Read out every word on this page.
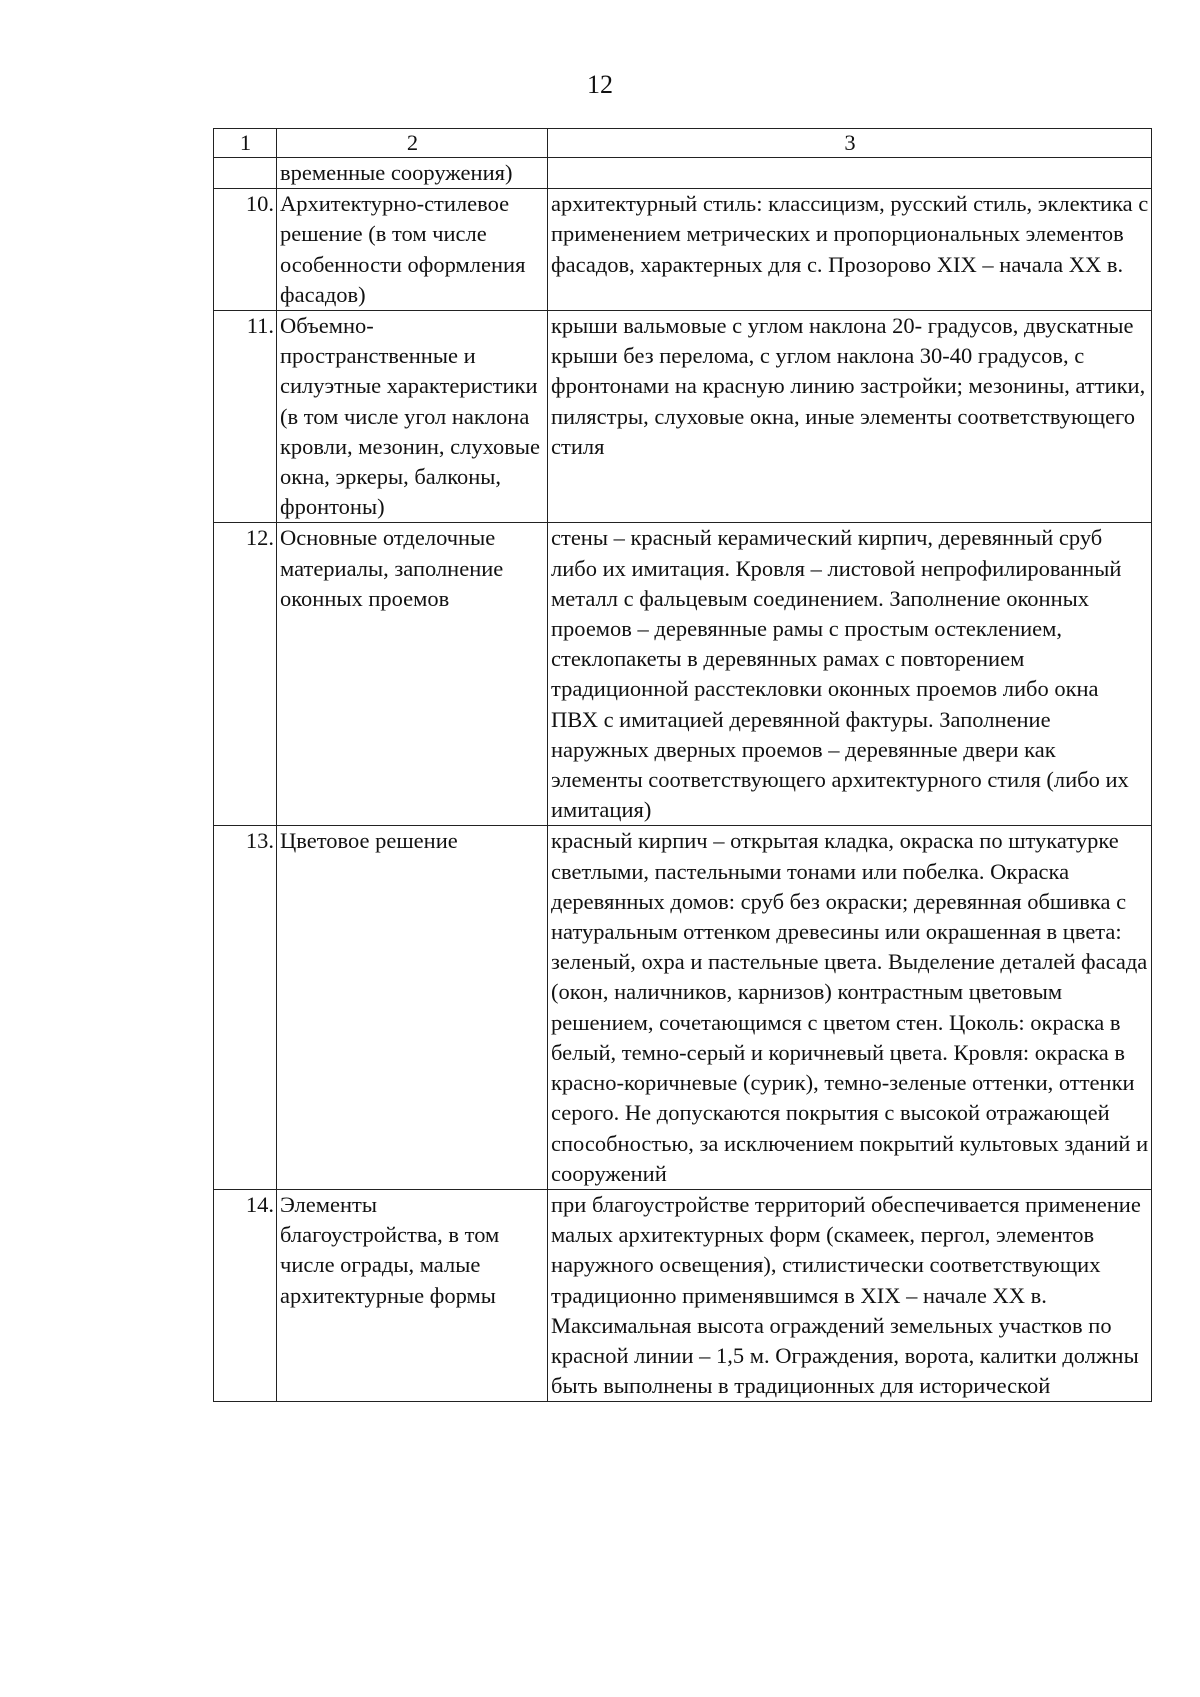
12
1	2	3
	временные сооружения)	
10.	Архитектурно-стилевое решение (в том числе особенности оформления фасадов)	архитектурный стиль: классицизм, русский стиль, эклектика с применением метрических и пропорциональных элементов фасадов, характерных для с. Прозорово XIX – начала XX в.
11.	Объемно-пространственные и силуэтные характеристики (в том числе угол наклона кровли, мезонин, слуховые окна, эркеры, балконы, фронтоны)	крыши вальмовые с углом наклона 20- градусов, двускатные крыши без перелома, с углом наклона 30-40 градусов, с фронтонами на красную линию застройки; мезонины, аттики, пилястры, слуховые окна, иные элементы соответствующего стиля
12.	Основные отделочные материалы, заполнение оконных проемов	стены – красный керамический кирпич, деревянный сруб либо их имитация. Кровля – листовой непрофилированный металл с фальцевым соединением. Заполнение оконных проемов – деревянные рамы с простым остеклением, стеклопакеты в деревянных рамах с повторением традиционной расстекловки оконных проемов либо окна ПВХ с имитацией деревянной фактуры. Заполнение наружных дверных проемов – деревянные двери как элементы соответствующего архитектурного стиля (либо их имитация)
13.	Цветовое решение	красный кирпич – открытая кладка, окраска по штукатурке светлыми, пастельными тонами или побелка. Окраска деревянных домов: сруб без окраски; деревянная обшивка с натуральным оттенком древесины или окрашенная в цвета: зеленый, охра и пастельные цвета. Выделение деталей фасада (окон, наличников, карнизов) контрастным цветовым решением, сочетающимся с цветом стен. Цоколь: окраска в белый, темно-серый и коричневый цвета. Кровля: окраска в красно-коричневые (сурик), темно-зеленые оттенки, оттенки серого. Не допускаются покрытия с высокой отражающей способностью, за исключением покрытий культовых зданий и сооружений
14.	Элементы благоустройства, в том числе ограды, малые архитектурные формы	при благоустройстве территорий обеспечивается применение малых архитектурных форм (скамеек, пергол, элементов наружного освещения), стилистически соответствующих традиционно применявшимся в XIX – начале XX в. Максимальная высота ограждений земельных участков по красной линии – 1,5 м. Ограждения, ворота, калитки должны быть выполнены в традиционных для исторической
